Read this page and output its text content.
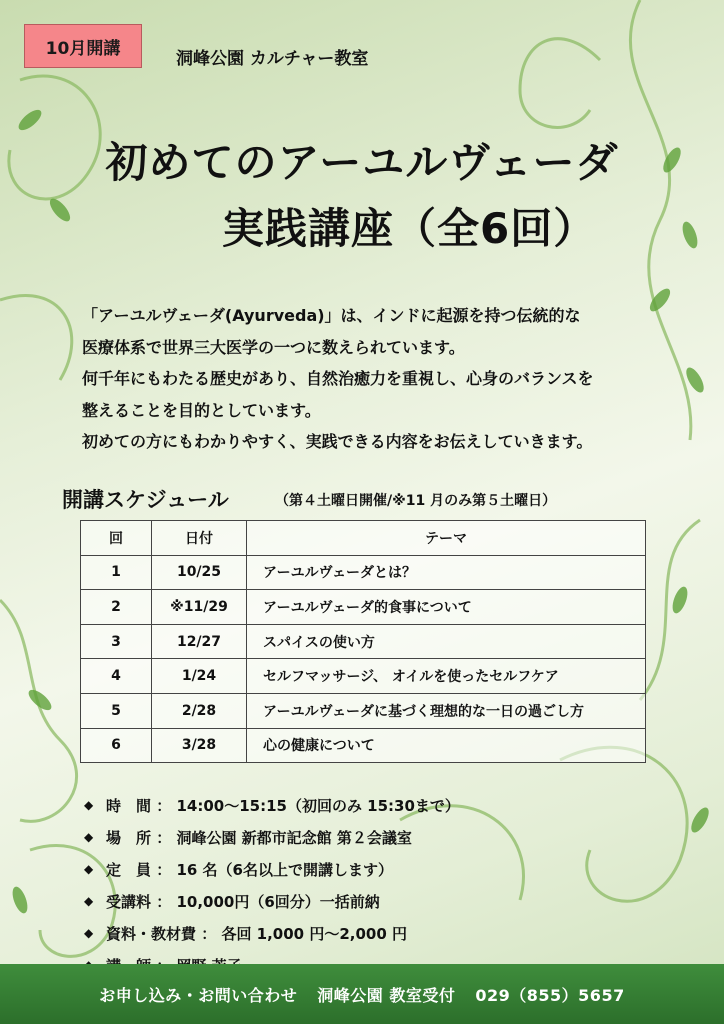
10月開講
洞峰公園 カルチャー教室
初めてのアーユルヴェーダ
実践講座（全6回）
「アーユルヴェーダ(Ayurveda)」は、インドに起源を持つ伝統的な
医療体系で世界三大医学の一つに数えられています。
何千年にもわたる歴史があり、自然治癒力を重視し、心身のバランスを
整えることを目的としています。
初めての方にもわかりやすく、実践できる内容をお伝えしていきます。
開講スケジュール	（第４土曜日開催/※11 月のみ第５土曜日）
回	日付	テーマ
1	10/25	アーユルヴェーダとは？
2	※11/29	アーユルヴェーダ的食事について
3	12/27	スパイスの使い方
4	1/24	セルフマッサージ、 オイルを使ったセルフケア
5	2/28	アーユルヴェーダに基づく理想的な一日の過ごし方
6	3/28	心の健康について
◆ 時　間 ： 14:00～15:15（初回のみ 15:30まで）
◆ 場　所 ： 洞峰公園 新都市記念館 第２会議室
◆ 定　員 ： 16 名（6名以上で開講します）
◆ 受講料 ： 10,000円（6回分）一括前納
◆ 資料・教材費 ： 各回 1,000 円～2,000 円
お申し込み・お問い合わせ 洞峰公園 教室受付 029（855）5657
